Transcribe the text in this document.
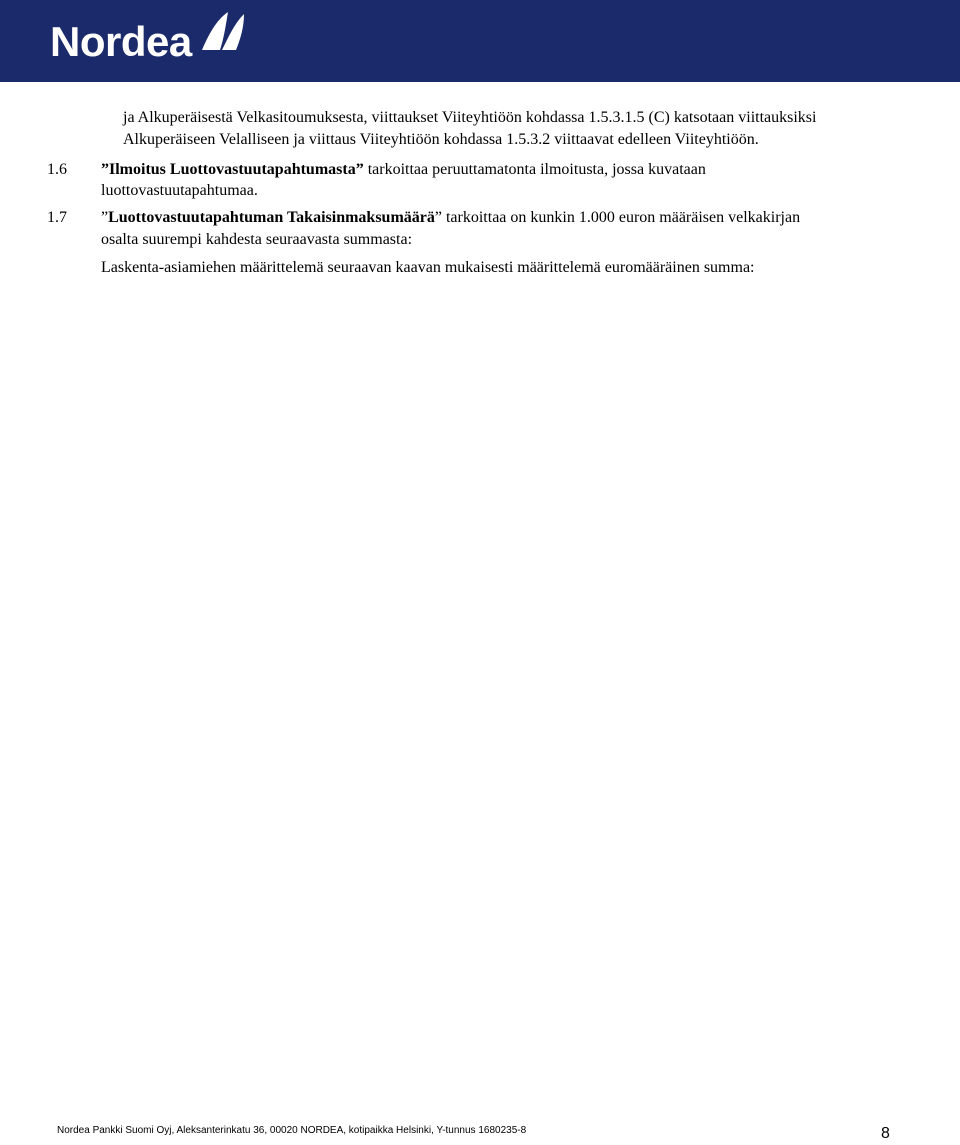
Nordea
ja Alkuperäisestä Velkasitoumuksesta, viittaukset Viiteyhtiöön kohdassa 1.5.3.1.5 (C) katsotaan viittauksiksi
Alkuperäiseen Velalliseen ja viittaus Viiteyhtiöön kohdassa 1.5.3.2 viittaavat edelleen Viiteyhtiöön.
1.6 ”Ilmoitus Luottovastuutapahtumasta” tarkoittaa peruuttamatonta ilmoitusta, jossa kuvataan
luottovastuutapahtumaa.
1.7 ”Luottovastuutapahtuman Takaisinmaksumäärä” tarkoittaa on kunkin 1.000 euron määräisen velkakirjan
osalta suurempi kahdesta seuraavasta summasta:
Laskenta-asiamiehen määrittelemä seuraavan kaavan mukaisesti määrittelemä euromääräinen summa:
Nordea Pankki Suomi Oyj, Aleksanterinkatu 36, 00020 NORDEA, kotipaikka Helsinki, Y-tunnus 1680235-8	8
